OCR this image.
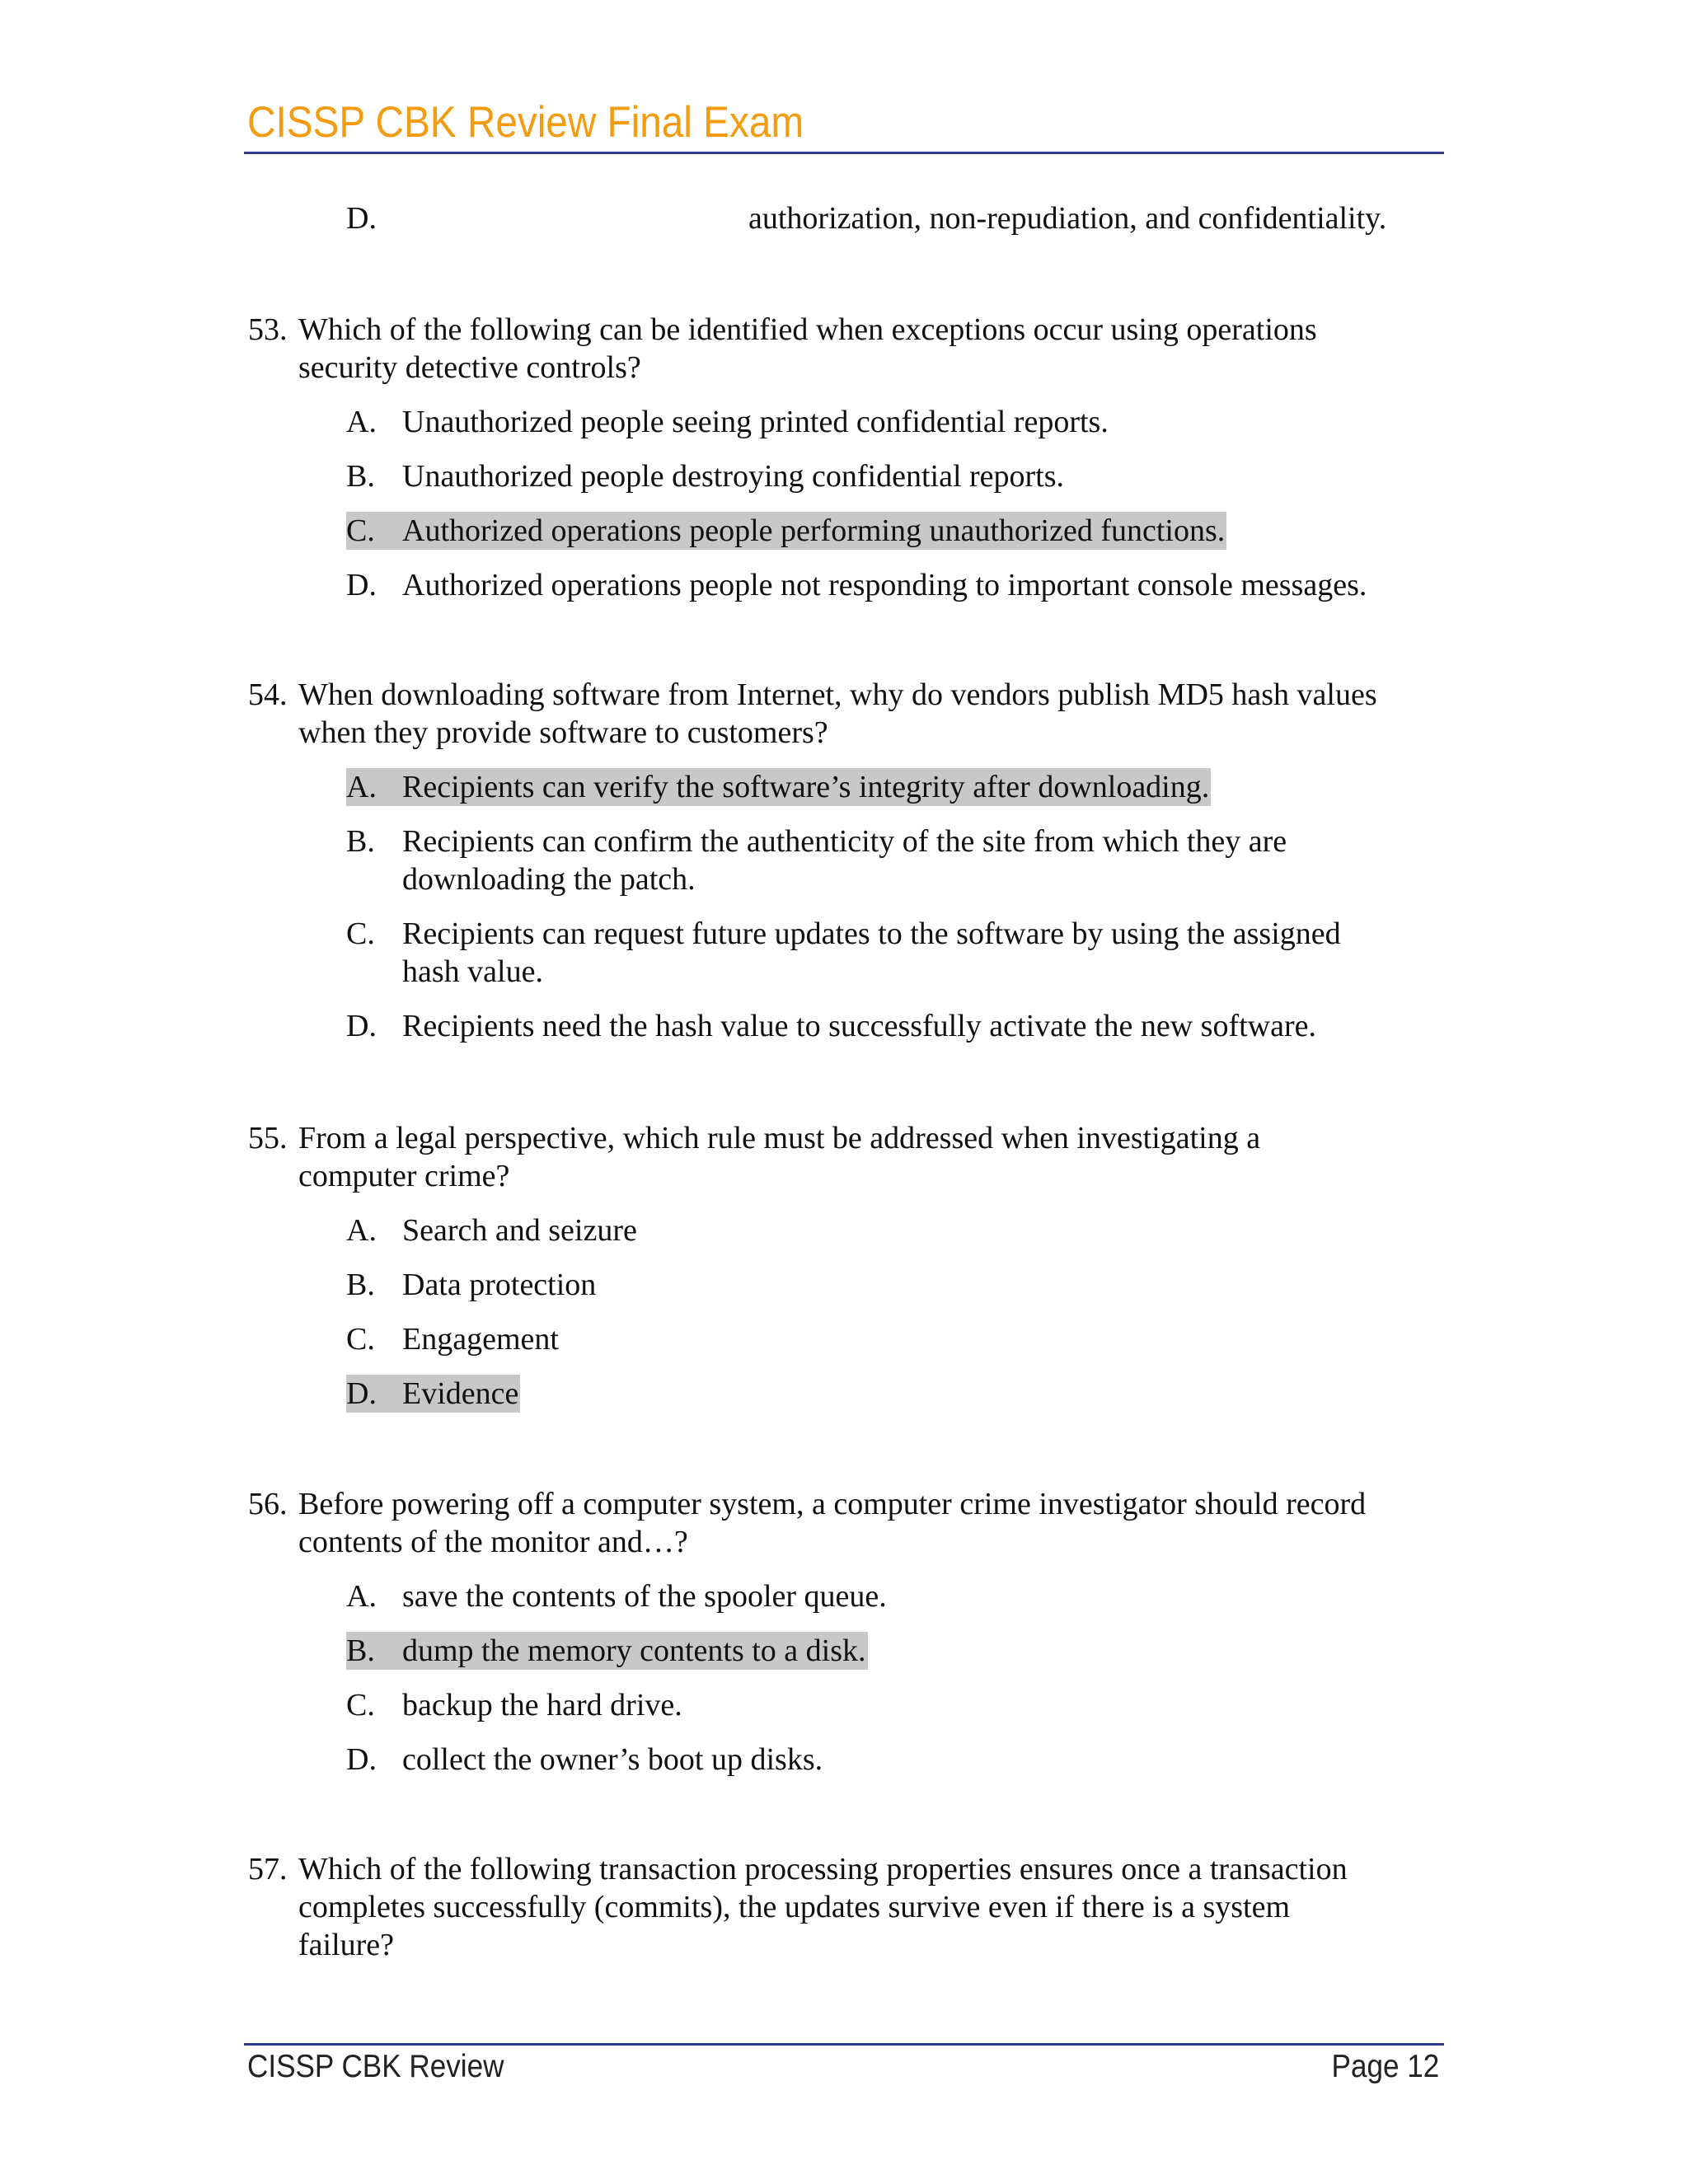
CISSP CBK Review Final Exam
D.	authorization, non-repudiation, and confidentiality.
53. Which of the following can be identified when exceptions occur using operations
security detective controls?
A. Unauthorized people seeing printed confidential reports.
B. Unauthorized people destroying confidential reports.
C. Authorized operations people performing unauthorized functions.
D. Authorized operations people not responding to important console messages.
54. When downloading software from Internet, why do vendors publish MD5 hash values
when they provide software to customers?
A. Recipients can verify the software’s integrity after downloading.
B. Recipients can confirm the authenticity of the site from which they are
downloading the patch.
C. Recipients can request future updates to the software by using the assigned
hash value.
D. Recipients need the hash value to successfully activate the new software.
55. From a legal perspective, which rule must be addressed when investigating a
computer crime?
A. Search and seizure
B. Data protection
C. Engagement
D. Evidence
56. Before powering off a computer system, a computer crime investigator should record
contents of the monitor and…?
A. save the contents of the spooler queue.
B. dump the memory contents to a disk.
C. backup the hard drive.
D. collect the owner’s boot up disks.
57. Which of the following transaction processing properties ensures once a transaction
completes successfully (commits), the updates survive even if there is a system
failure?
CISSP CBK Review	Page 12
